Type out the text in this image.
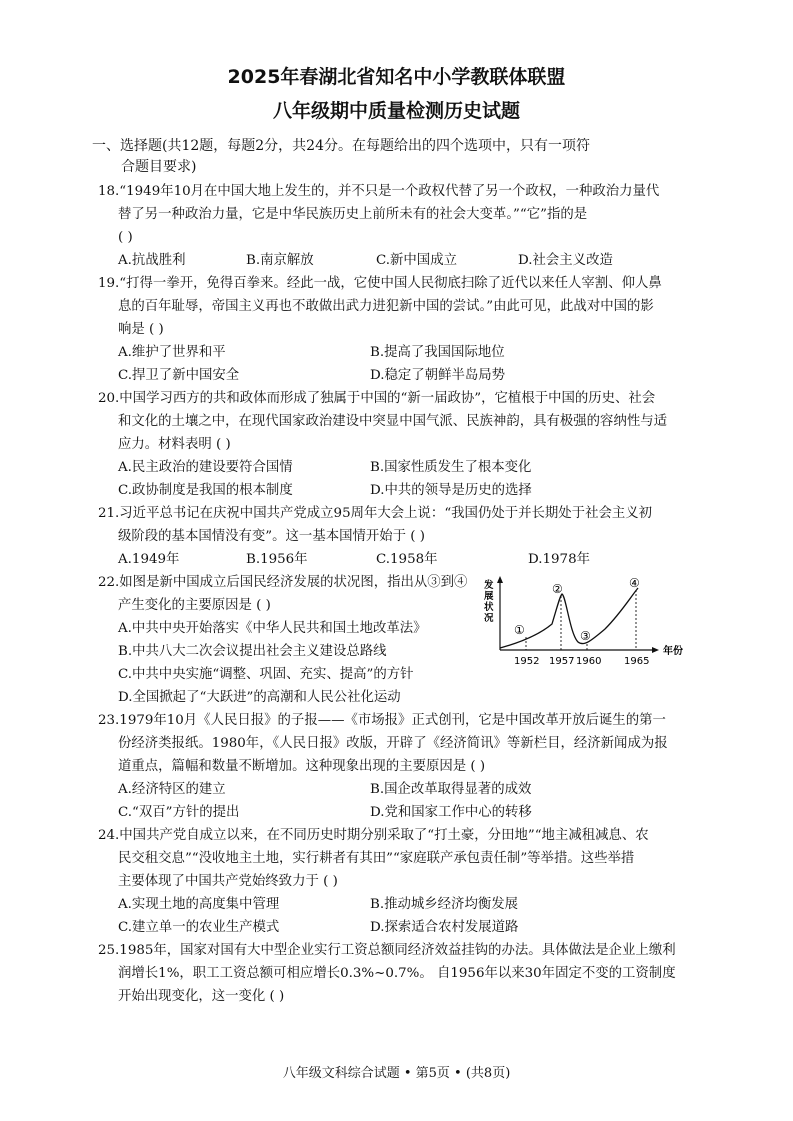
2025年春湖北省知名中小学教联体联盟
八年级期中质量检测历史试题
一、选择题(共12题，每题2分，共24分。在每题给出的四个选项中，只有一项符
合题目要求)
18.“1949年10月在中国大地上发生的，并不只是一个政权代替了另一个政权，一种政治力量代
替了另一种政治力量，它是中华民族历史上前所未有的社会大变革。”“它”指的是
( )
A.抗战胜利	B.南京解放	C.新中国成立	D.社会主义改造
19.“打得一拳开，免得百拳来。经此一战，它使中国人民彻底扫除了近代以来任人宰割、仰人鼻
息的百年耻辱，帝国主义再也不敢做出武力进犯新中国的尝试。”由此可见，此战对中国的影
响是 ( )
A.维护了世界和平	B.提高了我国国际地位
C.捍卫了新中国安全	D.稳定了朝鲜半岛局势
20.中国学习西方的共和政体而形成了独属于中国的“新一届政协”，它植根于中国的历史、社会
和文化的土壤之中，在现代国家政治建设中突显中国气派、民族神韵，具有极强的容纳性与适
应力。材料表明 ( )
A.民主政治的建设要符合国情	B.国家性质发生了根本变化
C.政协制度是我国的根本制度	D.中共的领导是历史的选择
21.习近平总书记在庆祝中国共产党成立95周年大会上说：“我国仍处于并长期处于社会主义初
级阶段的基本国情没有变”。这一基本国情开始于 ( )
A.1949年	B.1956年	C.1958年	D.1978年
22.如图是新中国成立后国民经济发展的状况图，指出从③到④
产生变化的主要原因是 ( )
A.中共中央开始落实《中华人民共和国土地改革法》
B.中共八大二次会议提出社会主义建设总路线
C.中共中央实施“调整、巩固、充实、提高”的方针
D.全国掀起了“大跃进”的高潮和人民公社化运动
发 展 状 况
①
②
③
④
1952 1957 1960 1965
年份
23.1979年10月《人民日报》的子报——《市场报》正式创刊，它是中国改革开放后诞生的第一
份经济类报纸。1980年，《人民日报》改版，开辟了《经济简讯》等新栏目，经济新闻成为报
道重点，篇幅和数量不断增加。这种现象出现的主要原因是 ( )
A.经济特区的建立	B.国企改革取得显著的成效
C.“双百”方针的提出	D.党和国家工作中心的转移
24.中国共产党自成立以来，在不同历史时期分别采取了“打土豪，分田地”“地主减租减息、农
民交租交息”“没收地主土地，实行耕者有其田”“家庭联产承包责任制”等举措。这些举措
主要体现了中国共产党始终致力于 ( )
A.实现土地的高度集中管理	B.推动城乡经济均衡发展
C.建立单一的农业生产模式	D.探索适合农村发展道路
25.1985年，国家对国有大中型企业实行工资总额同经济效益挂钩的办法。具体做法是企业上缴利
润增长1%，职工工资总额可相应增长0.3%~0.7%。 自1956年以来30年固定不变的工资制度
开始出现变化，这一变化 ( )
八年级文科综合试题 • 第5页 • (共8页)
